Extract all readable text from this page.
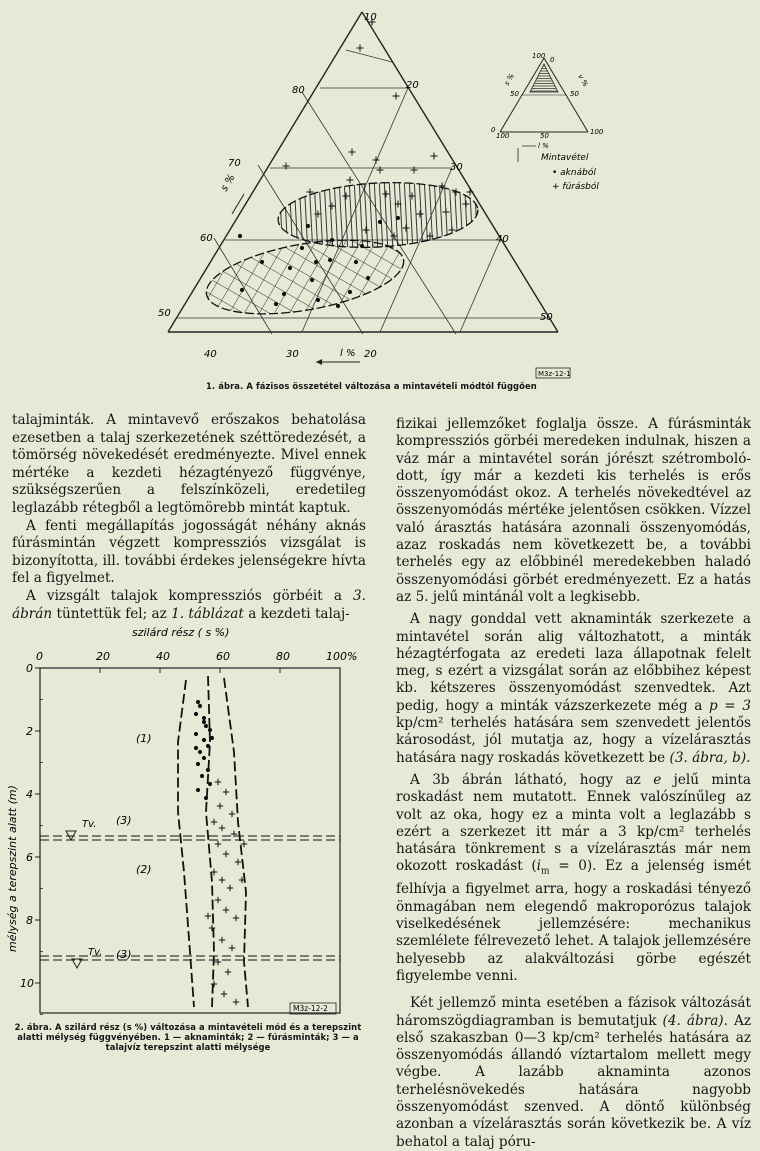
10
20
30
40
50
80
70
60
50
40	30	20
s %
l %
100
50
0
50
100
0
50
100
s %	v %
l %
Mintavétel
• aknából
+ fúrásból
M3z-12-1
1. ábra. A fázisos összetétel változása a mintavételi módtól függően

talajminták. A mintavevő erőszakos behatolása ezesetben a talaj szerkezetének széttöredezését, a tömörség növekedését eredményezte. Mivel ennek mértéke a kezdeti hézagtényező függvénye, szükségszerűen a felszínközeli, eredetileg leglazább rétegből a legtömörebb mintát kaptuk.

A fenti megállapítás jogosságát néhány aknás fúrásmintán végzett kompressziós vizsgálat is bizonyította, ill. további érdekes jelenségekre hívta fel a figyelmet.

A vizsgált talajok kompressziós görbéit a 3. ábrán tüntettük fel; az 1. táblázat a kezdeti talaj-

szilárd rész ( s %)
0	20	40	60	80	100%
0
2
4
6
8
10
mélység a terepszint alatt (m)
(1)
(2)
(3)
(3)
Tv.
Tv.
M3z-12-2
2. ábra. A szilárd rész (s %) változása a mintavételi mód és a terepszint
alatti mélység függvényében. 1 — aknaminták; 2 — fúrásminták; 3 — a
talajvíz terepszint alatti mélysége

fizikai jellemzőket foglalja össze. A fúrásminták kompressziós görbéi meredeken indulnak, hiszen a váz már a mintavétel során jórészt szétrombolódott, így már a kezdeti kis terhelés is erős összenyomódást okoz. A terhelés növekedtével az összenyomódás mértéke jelentősen csökken. Vízzel való árasztás hatására azonnali összenyomódás, azaz roskadás nem következett be, a további terhelés egy az előbbinél meredekebben haladó összenyomódási görbét eredményezett. Ez a hatás az 5. jelű mintánál volt a legkisebb.

A nagy gonddal vett aknaminták szerkezete a mintavétel során alig változhatott, a minták hézagtérfogata az eredeti laza állapotnak felelt meg, s ezért a vizsgálat során az előbbihez képest kb. kétszeres összenyomódást szenvedtek. Azt pedig, hogy a minták vázszerkezete még a p = 3 kp/cm² terhelés hatására sem szenvedett jelentős károsodást, jól mutatja az, hogy a vízelárasztás hatására nagy roskadás következett be (3. ábra, b).

A 3b ábrán látható, hogy az e jelű minta roskadást nem mutatott. Ennek valószínűleg az volt az oka, hogy ez a minta volt a leglazább s ezért a szerkezet itt már a 3 kp/cm² terhelés hatására tönkrement s a vízelárasztás már nem okozott roskadást $(i_m = 0)$. Ez a jelenség ismét felhívja a figyelmet arra, hogy a roskadási tényező önmagában nem elegendő makroporózus talajok viselkedésének jellemzésére: mechanikus szemlélete félrevezető lehet. A talajok jellemzésére helyesebb az alakváltozási görbe egészét figyelembe venni.

Két jellemző minta esetében a fázisok változását háromszögdiagramban is bemutatjuk (4. ábra). Az első szakaszban 0—3 kp/cm² terhelés hatására az összenyomódás állandó víztartalom mellett megy végbe. A lazább aknaminta azonos terhelésnövekedés hatására nagyobb összenyomódást szenved. A döntő különbség azonban a vízelárasztás során következik be. A víz behatol a talaj póru-
